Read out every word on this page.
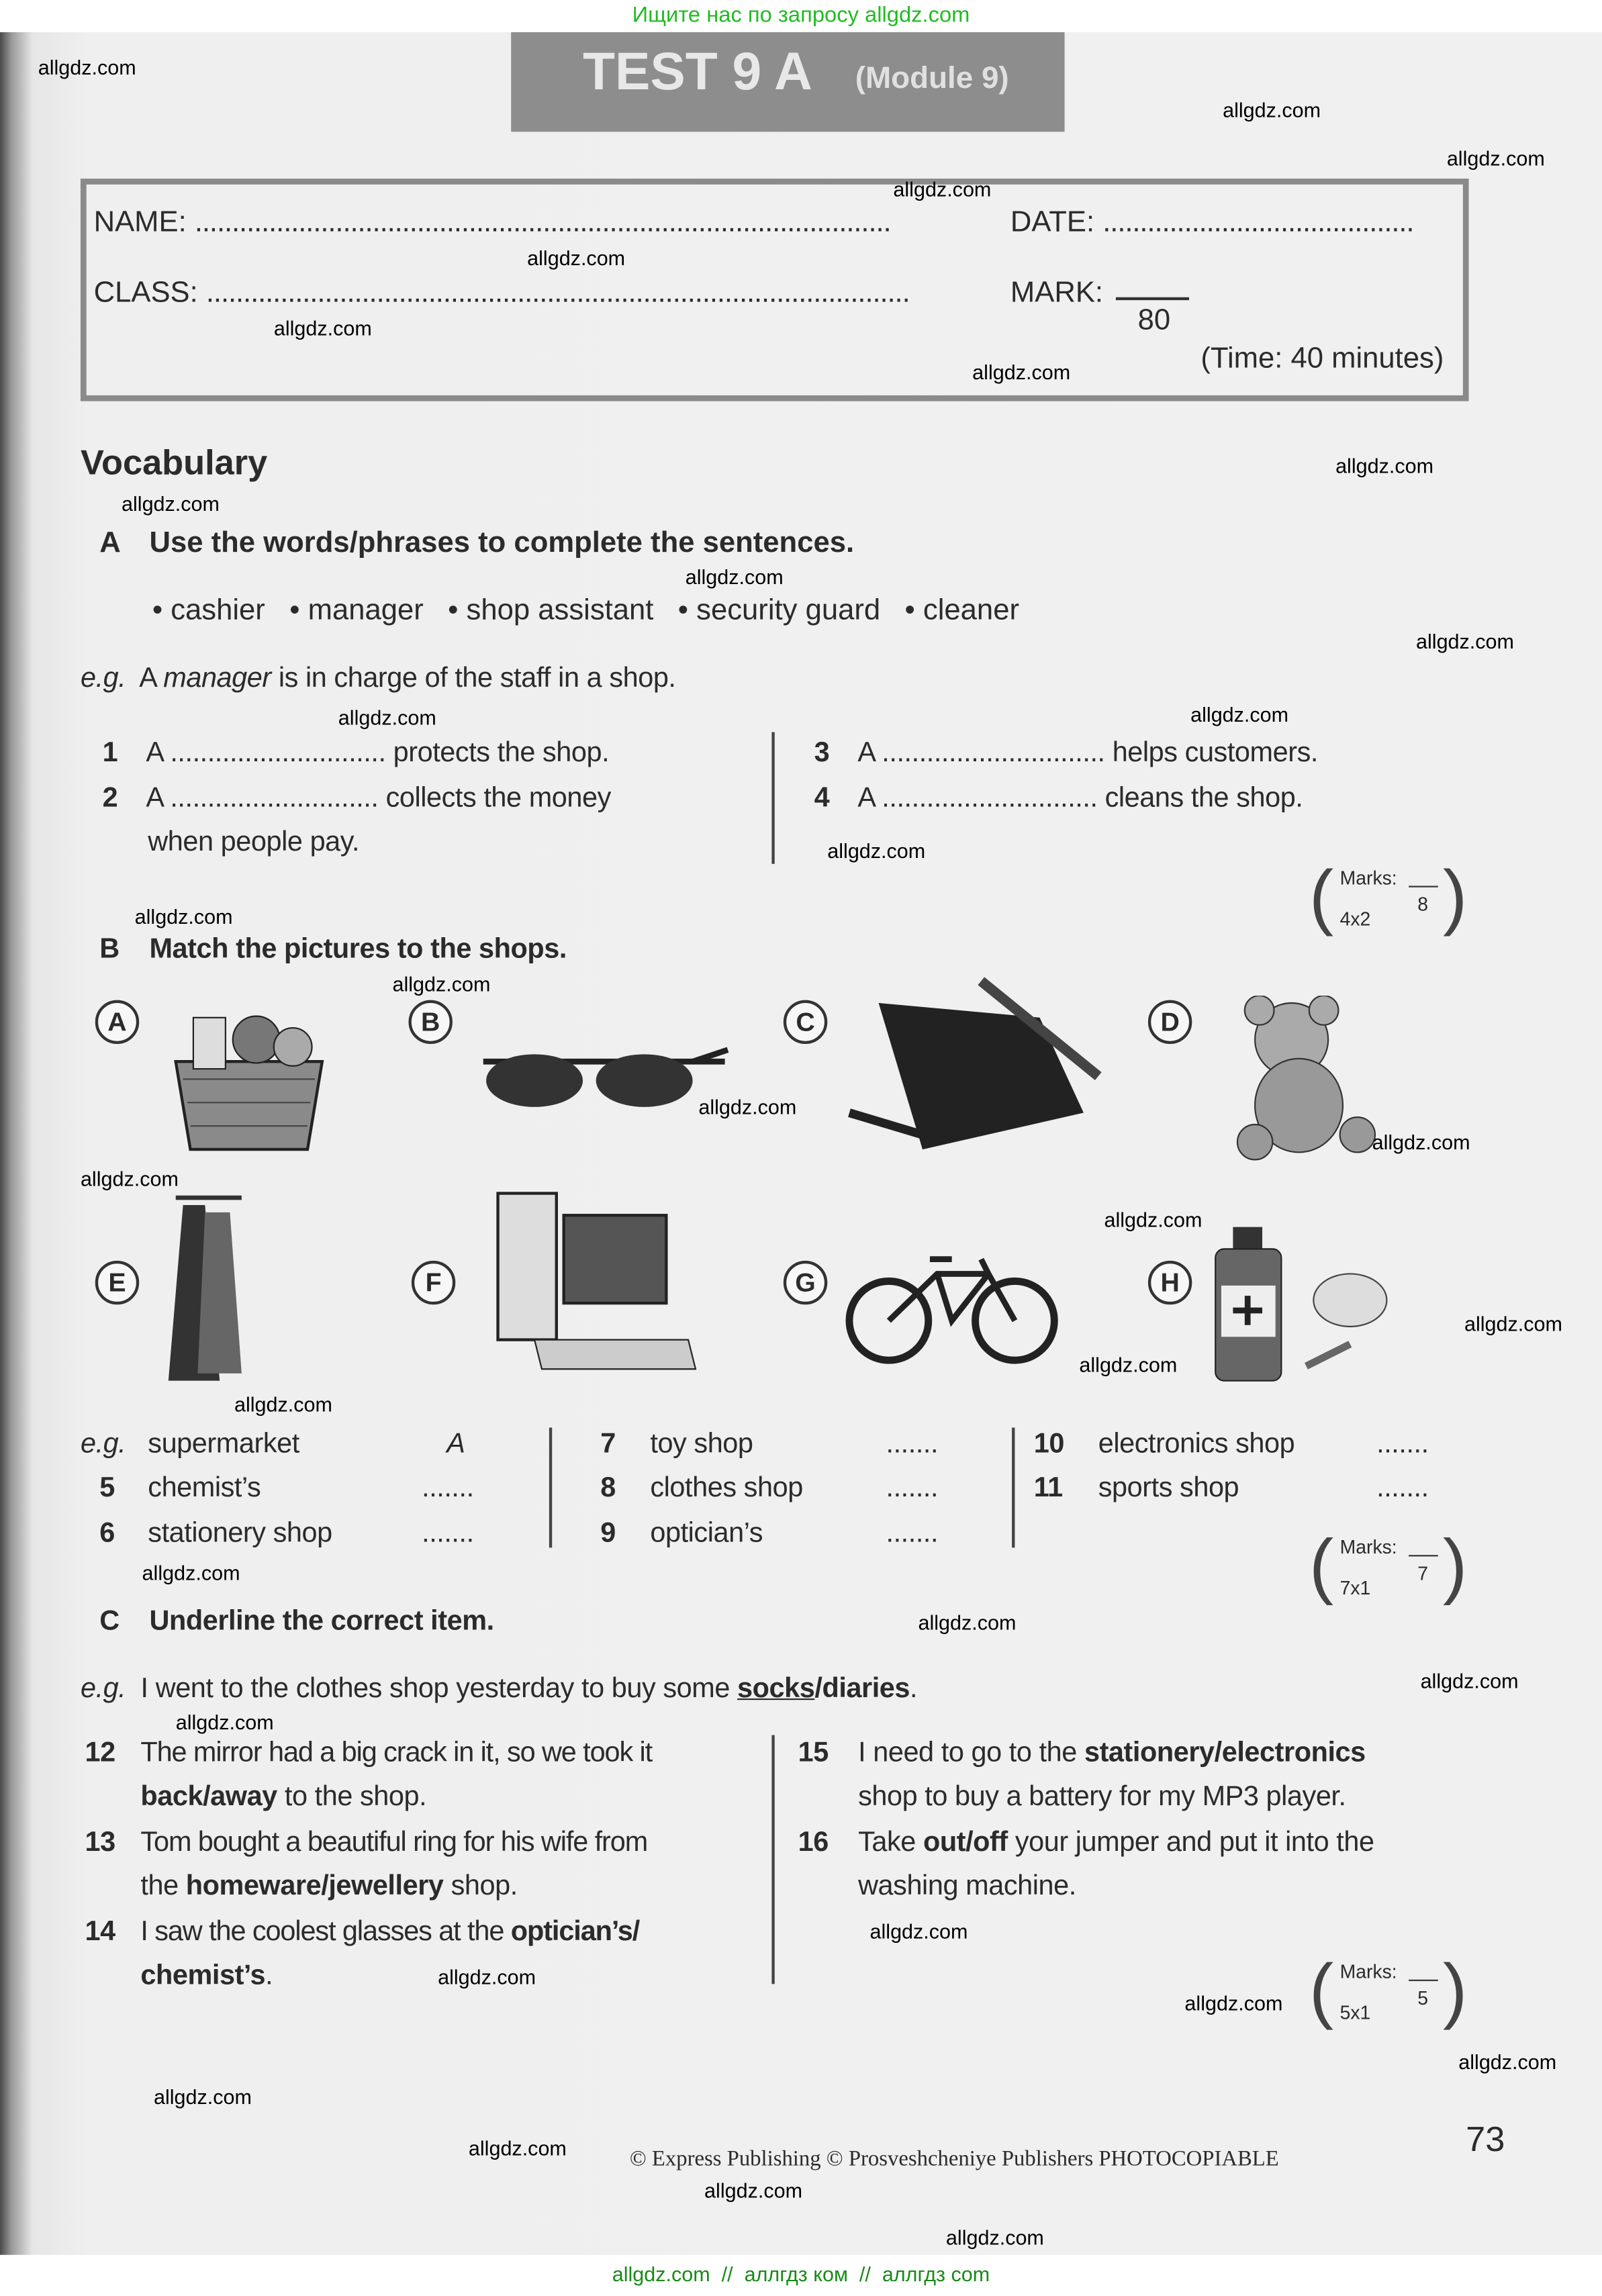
Ищите нас по запросу allgdz.com
TEST 9 A	(Module 9)
NAME: ..............................................................................................	DATE: ..........................................
CLASS: ...............................................................................................	MARK:
80
(Time: 40 minutes)
Vocabulary
A Use the words/phrases to complete the sentences.
• cashier • manager • shop assistant • security guard • cleaner
e.g. A manager is in charge of the staff in a shop.
1 A ............................. protects the shop.
2 A ............................ collects the money
when people pay.
3 A .............................. helps customers.
4 A ............................. cleans the shop.
( Marks:
8
4x2 )
B Match the pictures to the shops.
A	B	C	D
E	F	G	H
e.g. supermarket	A
5	chemist’s	.......
6	stationery shop	.......
7	toy shop	.......
8	clothes shop	.......
9	optician’s	.......
10	electronics shop	.......
11	sports shop	.......
( Marks:
7
7x1 )
C Underline the correct item.
e.g. I went to the clothes shop yesterday to buy some socks/diaries.
12 The mirror had a big crack in it, so we took it
back/away to the shop.
13 Tom bought a beautiful ring for his wife from
the homeware/jewellery shop.
14 I saw the coolest glasses at the optician’s/
chemist’s.
15 I need to go to the stationery/electronics
shop to buy a battery for my MP3 player.
16 Take out/off your jumper and put it into the
washing machine.
( Marks:
5
5x1 )
© Express Publishing © Prosveshcheniye Publishers PHOTOCOPIABLE	73
allgdz.com  //  аллгдз ком  //  аллгдз com
allgdz.com
allgdz.com
allgdz.com
allgdz.com
allgdz.com
allgdz.com
allgdz.com
allgdz.com
allgdz.com
allgdz.com
allgdz.com
allgdz.com
allgdz.com
allgdz.com
allgdz.com
allgdz.com
allgdz.com
allgdz.com
allgdz.com
allgdz.com
allgdz.com
allgdz.com
allgdz.com
allgdz.com
allgdz.com
allgdz.com
allgdz.com
allgdz.com
allgdz.com
allgdz.com
allgdz.com
allgdz.com
allgdz.com
allgdz.com
allgdz.com
